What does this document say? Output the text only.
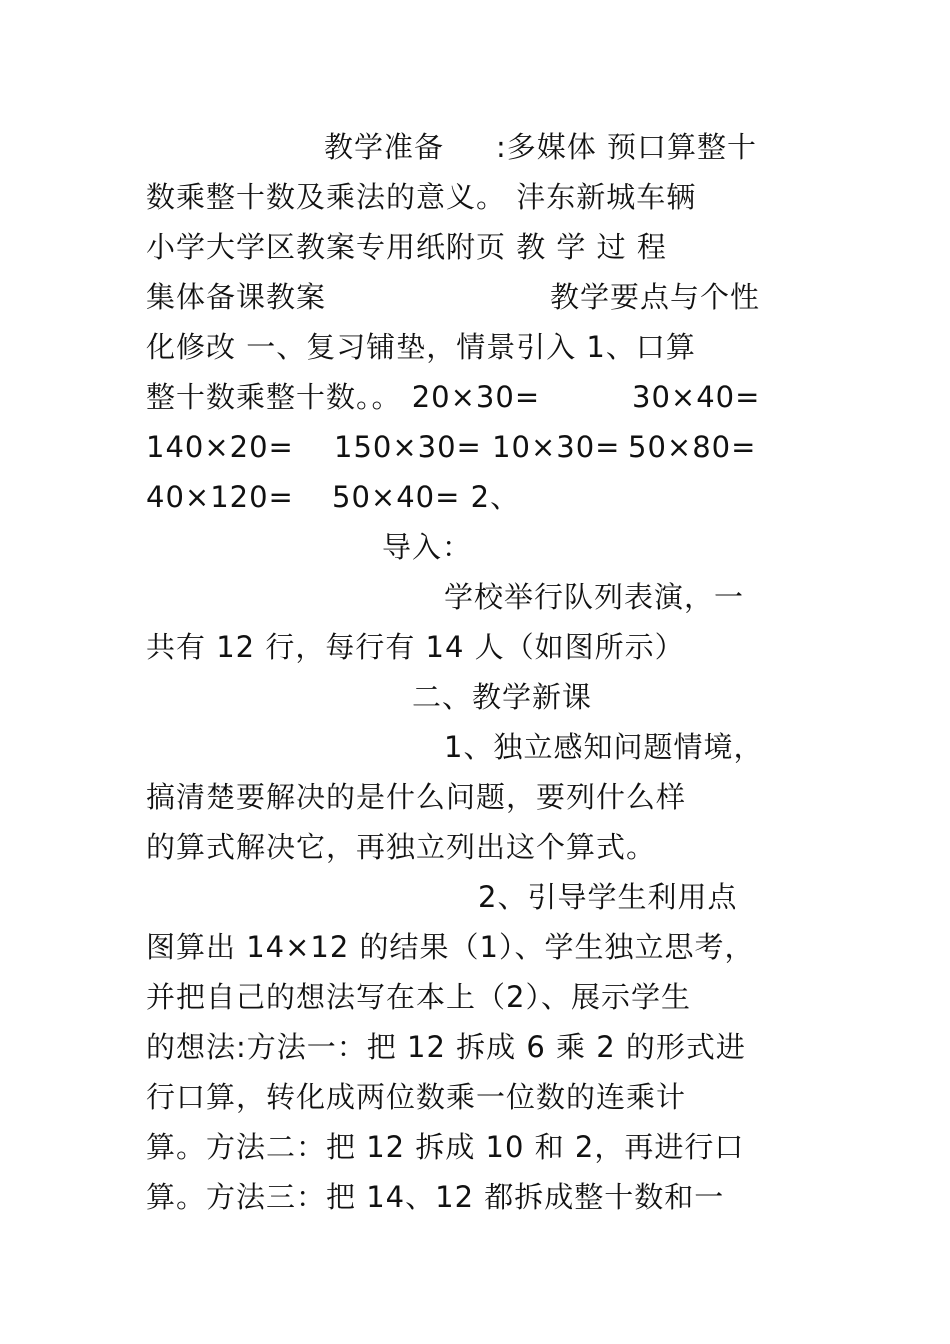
教学准备 :多媒体 预口算整十
数乘整十数及乘法的意义。 沣东新城车辆
小学大学区教案专用纸附页 教 学 过 程
集体备课教案	教学要点与个性
化修改 一、复习铺垫，情景引入 1、口算
整十数乘整十数。。 20×30=	30×40=
140×20= 150×30= 10×30= 50×80=
40×120= 50×40= 2、
导入：
学校举行队列表演，一
共有 12 行，每行有 14 人（如图所示）
二、教学新课
1、独立感知问题情境，
搞清楚要解决的是什么问题，要列什么样
的算式解决它，再独立列出这个算式。
2、引导学生利用点
图算出 14×12 的结果（1）、学生独立思考，
并把自己的想法写在本上（2）、展示学生
的想法:方法一：把 12 拆成 6 乘 2 的形式进
行口算，转化成两位数乘一位数的连乘计
算。方法二：把 12 拆成 10 和 2，再进行口
算。方法三：把 14、12 都拆成整十数和一
